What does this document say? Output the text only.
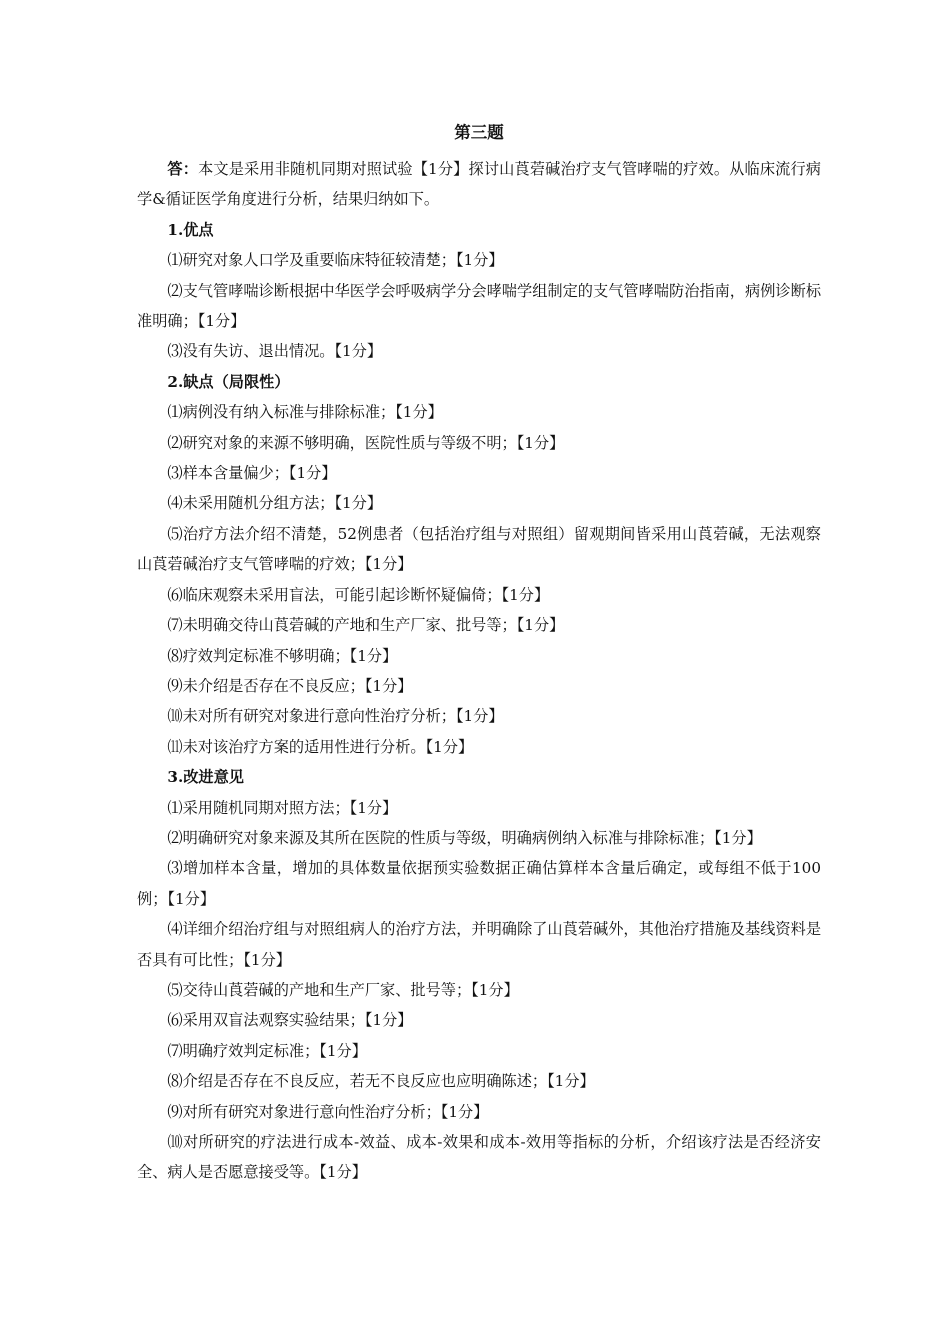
第三题

答：本文是采用非随机同期对照试验【1分】探讨山莨菪碱治疗支气管哮喘的疗效。从临床流行病学&循证医学角度进行分析，结果归纳如下。

1.优点

⑴研究对象人口学及重要临床特征较清楚；【1分】

⑵支气管哮喘诊断根据中华医学会呼吸病学分会哮喘学组制定的支气管哮喘防治指南，病例诊断标准明确；【1分】

⑶没有失访、退出情况。【1分】

2.缺点（局限性）

⑴病例没有纳入标准与排除标准；【1分】

⑵研究对象的来源不够明确，医院性质与等级不明；【1分】

⑶样本含量偏少；【1分】

⑷未采用随机分组方法；【1分】

⑸治疗方法介绍不清楚，52例患者（包括治疗组与对照组）留观期间皆采用山莨菪碱，无法观察山莨菪碱治疗支气管哮喘的疗效；【1分】

⑹临床观察未采用盲法，可能引起诊断怀疑偏倚；【1分】

⑺未明确交待山莨菪碱的产地和生产厂家、批号等；【1分】

⑻疗效判定标准不够明确；【1分】

⑼未介绍是否存在不良反应；【1分】

⑽未对所有研究对象进行意向性治疗分析；【1分】

⑾未对该治疗方案的适用性进行分析。【1分】

3.改进意见

⑴采用随机同期对照方法；【1分】

⑵明确研究对象来源及其所在医院的性质与等级，明确病例纳入标准与排除标准；【1分】

⑶增加样本含量，增加的具体数量依据预实验数据正确估算样本含量后确定，或每组不低于100例；【1分】

⑷详细介绍治疗组与对照组病人的治疗方法，并明确除了山莨菪碱外，其他治疗措施及基线资料是否具有可比性；【1分】

⑸交待山莨菪碱的产地和生产厂家、批号等；【1分】

⑹采用双盲法观察实验结果；【1分】

⑺明确疗效判定标准；【1分】

⑻介绍是否存在不良反应，若无不良反应也应明确陈述；【1分】

⑼对所有研究对象进行意向性治疗分析；【1分】

⑽对所研究的疗法进行成本-效益、成本-效果和成本-效用等指标的分析，介绍该疗法是否经济安全、病人是否愿意接受等。【1分】
